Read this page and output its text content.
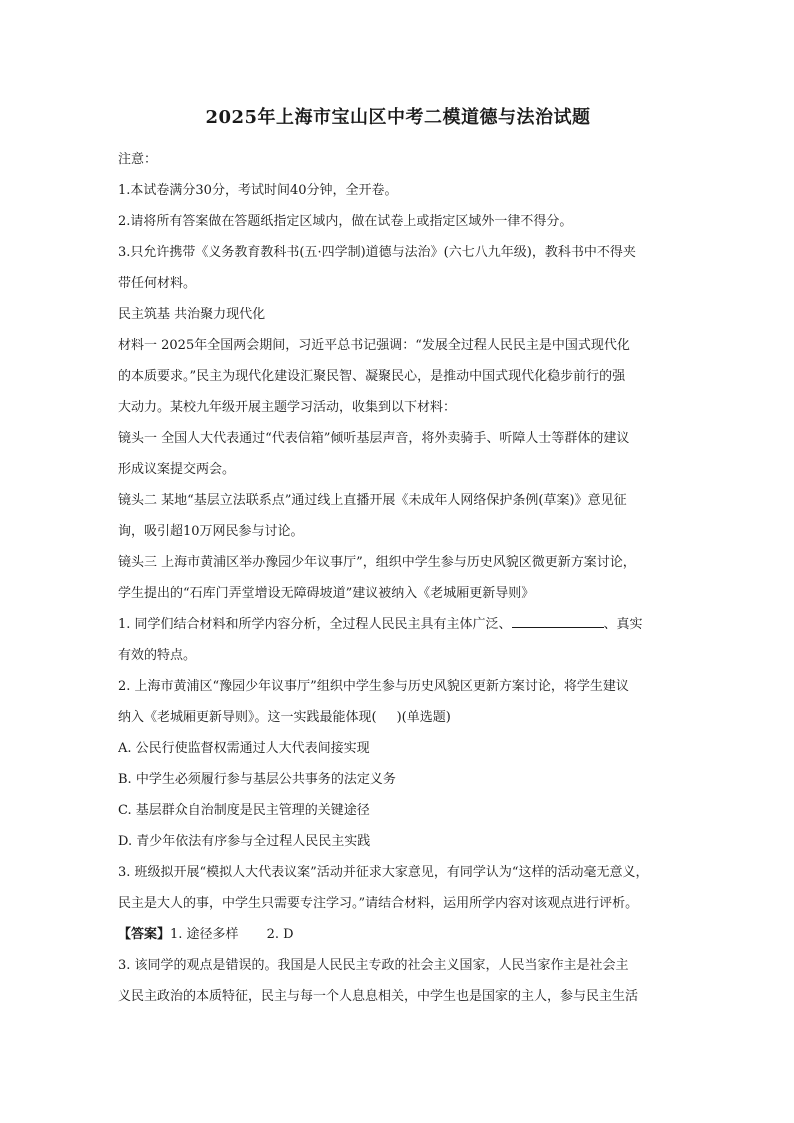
2025年上海市宝山区中考二模道德与法治试题
注意：
1.本试卷满分30分，考试时间40分钟，全开卷。
2.请将所有答案做在答题纸指定区域内，做在试卷上或指定区域外一律不得分。
3.只允许携带《义务教育教科书(五·四学制)道德与法治》(六七八九年级)，教科书中不得夹
带任何材料。
民主筑基 共治聚力现代化
材料一 2025年全国两会期间，习近平总书记强调：“发展全过程人民民主是中国式现代化
的本质要求。”民主为现代化建设汇聚民智、凝聚民心，是推动中国式现代化稳步前行的强
大动力。某校九年级开展主题学习活动，收集到以下材料：
镜头一 全国人大代表通过“代表信箱”倾听基层声音，将外卖骑手、听障人士等群体的建议
形成议案提交两会。
镜头二 某地“基层立法联系点”通过线上直播开展《未成年人网络保护条例(草案)》意见征
询，吸引超10万网民参与讨论。
镜头三 上海市黄浦区举办豫园少年议事厅”，组织中学生参与历史风貌区微更新方案讨论，
学生提出的“石库门弄堂增设无障碍坡道”建议被纳入《老城厢更新导则》
1. 同学们结合材料和所学内容分析，全过程人民民主具有主体广泛、	、真实
有效的特点。
2. 上海市黄浦区“豫园少年议事厅”组织中学生参与历史风貌区更新方案讨论，将学生建议
纳入《老城厢更新导则》。这一实践最能体现( )(单选题)
A. 公民行使监督权需通过人大代表间接实现
B. 中学生必须履行参与基层公共事务的法定义务
C. 基层群众自治制度是民主管理的关键途径
D. 青少年依法有序参与全过程人民民主实践
3. 班级拟开展“模拟人大代表议案”活动并征求大家意见，有同学认为“这样的活动毫无意义，
民主是大人的事，中学生只需要专注学习。”请结合材料，运用所学内容对该观点进行评析。
【答案】1. 途径多样 2. D
3. 该同学的观点是错误的。我国是人民民主专政的社会主义国家，人民当家作主是社会主
义民主政治的本质特征，民主与每一个人息息相关，中学生也是国家的主人，参与民主生活
